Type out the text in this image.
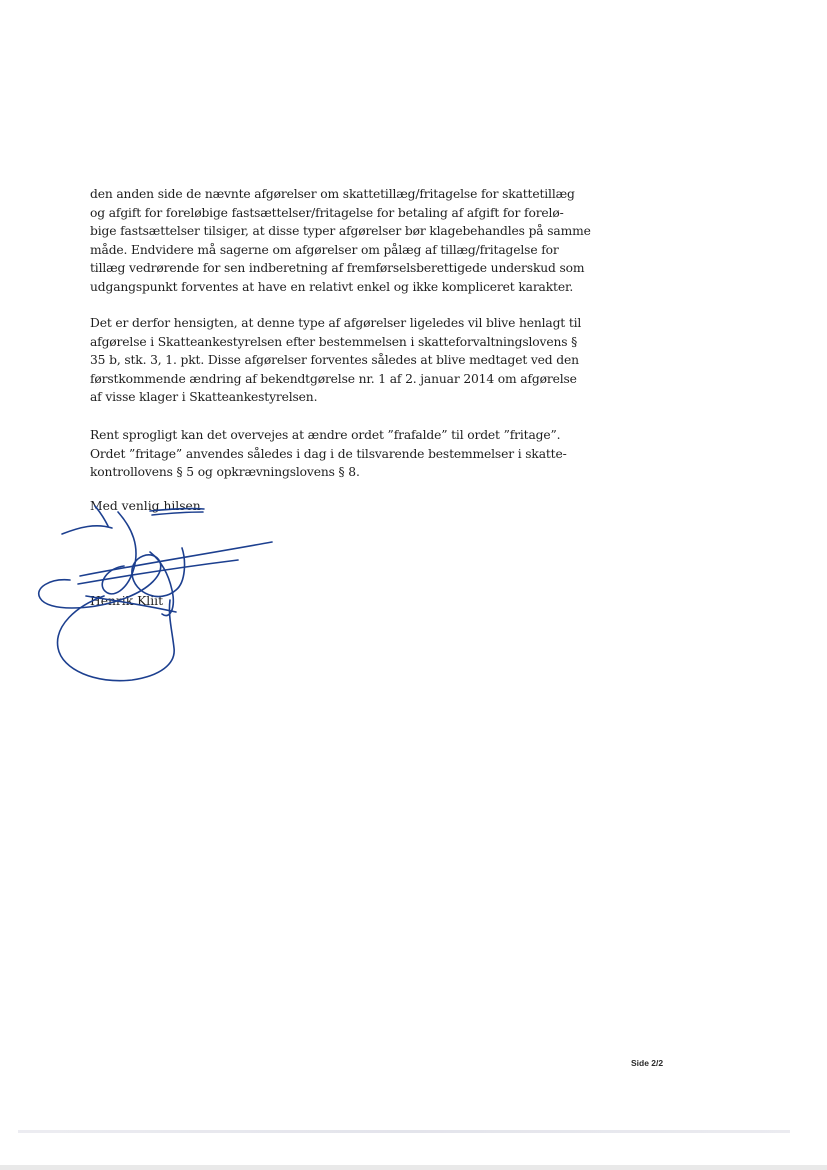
den anden side de nævnte afgørelser om skattetillæg/fritagelse for skattetillæg
og afgift for foreløbige fastsættelser/fritagelse for betaling af afgift for forelø-
bige fastsættelser tilsiger, at disse typer afgørelser bør klagebehandles på samme
måde. Endvidere må sagerne om afgørelser om pålæg af tillæg/fritagelse for
tillæg vedrørende for sen indberetning af fremførselsberettigede underskud som
udgangspunkt forventes at have en relativt enkel og ikke kompliceret karakter.
Det er derfor hensigten, at denne type af afgørelser ligeledes vil blive henlagt til
afgørelse i Skatteankestyrelsen efter bestemmelsen i skatteforvaltningslovens §
35 b, stk. 3, 1. pkt. Disse afgørelser forventes således at blive medtaget ved den
førstkommende ændring af bekendtgørelse nr. 1 af 2. januar 2014 om afgørelse
af visse klager i Skatteankestyrelsen.
Rent sprogligt kan det overvejes at ændre ordet ”frafalde” til ordet ”fritage”.
Ordet ”fritage” anvendes således i dag i de tilsvarende bestemmelser i skatte-
kontrollovens § 5 og opkrævningslovens § 8.

Med venlig hilsen

Henrik Kliit

Side 2/2
